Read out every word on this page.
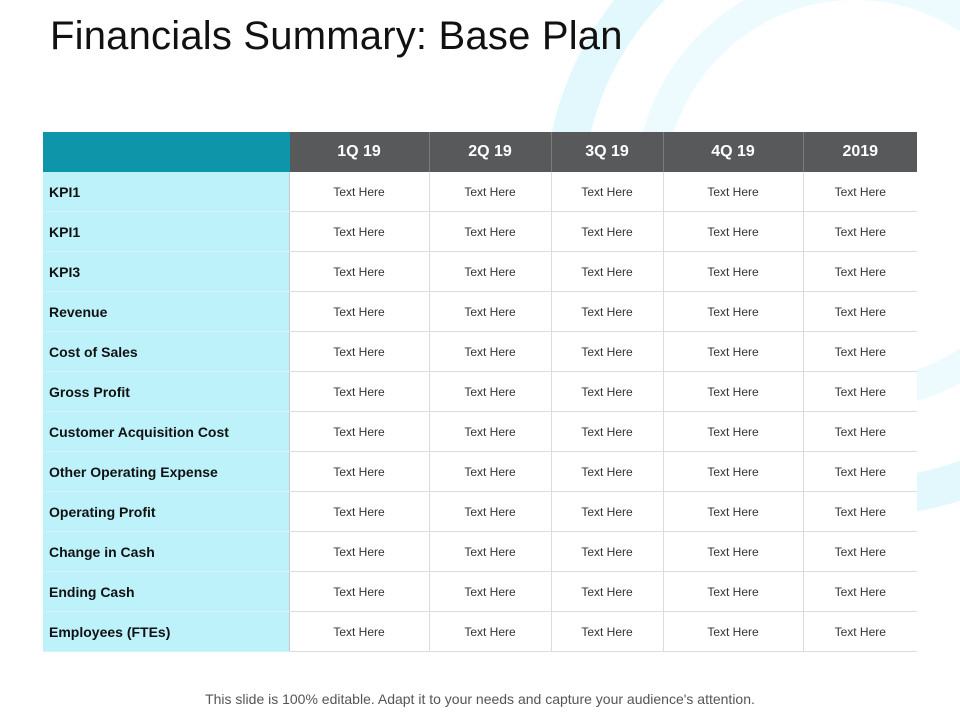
Financials Summary: Base Plan
	1Q 19	2Q 19	3Q 19	4Q 19	2019
KPI1	Text Here	Text Here	Text Here	Text Here	Text Here
KPI1	Text Here	Text Here	Text Here	Text Here	Text Here
KPI3	Text Here	Text Here	Text Here	Text Here	Text Here
Revenue	Text Here	Text Here	Text Here	Text Here	Text Here
Cost of Sales	Text Here	Text Here	Text Here	Text Here	Text Here
Gross Profit	Text Here	Text Here	Text Here	Text Here	Text Here
Customer Acquisition Cost	Text Here	Text Here	Text Here	Text Here	Text Here
Other Operating Expense	Text Here	Text Here	Text Here	Text Here	Text Here
Operating Profit	Text Here	Text Here	Text Here	Text Here	Text Here
Change in Cash	Text Here	Text Here	Text Here	Text Here	Text Here
Ending Cash	Text Here	Text Here	Text Here	Text Here	Text Here
Employees (FTEs)	Text Here	Text Here	Text Here	Text Here	Text Here
This slide is 100% editable. Adapt it to your needs and capture your audience's attention.
